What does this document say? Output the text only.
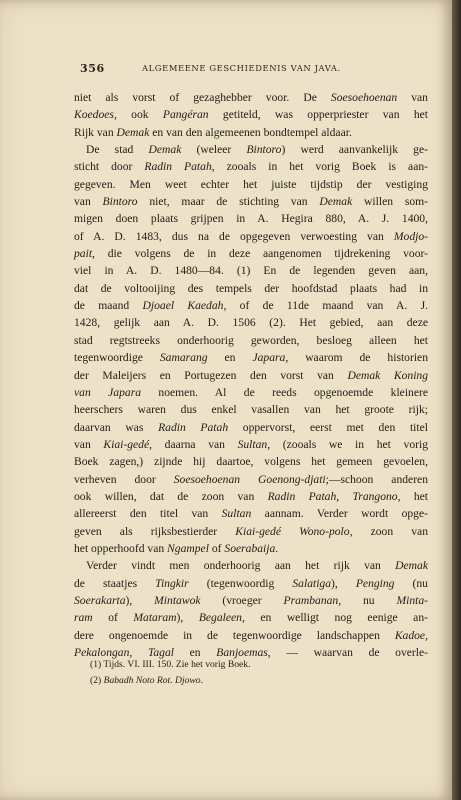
356	ALGEMEENE GESCHIEDENIS VAN JAVA.

niet als vorst of gezaghebber voor. De Soesoehoenan van

Koedoes, ook Pangéran getiteld, was opperpriester van het

Rijk van Demak en van den algemeenen bondtempel aldaar.

De stad Demak (weleer Bintoro) werd aanvankelijk ge-

sticht door Radin Patah, zooals in het vorig Boek is aan-

gegeven. Men weet echter het juiste tijdstip der vestiging

van Bintoro niet, maar de stichting van Demak willen som-

migen doen plaats grijpen in A. Hegira 880, A. J. 1400,

of A. D. 1483, dus na de opgegeven verwoesting van Modjo-

pait, die volgens de in deze aangenomen tijdrekening voor-

viel in A. D. 1480—84. (1) En de legenden geven aan,

dat de voltooijing des tempels der hoofdstad plaats had in

de maand Djoael Kaedah, of de 11de maand van A. J.

1428, gelijk aan A. D. 1506 (2). Het gebied, aan deze

stad regtstreeks onderhoorig geworden, besloeg alleen het

tegenwoordige Samarang en Japara, waarom de historien

der Maleijers en Portugezen den vorst van Demak Koning

van Japara noemen. Al de reeds opgenoemde kleinere

heerschers waren dus enkel vasallen van het groote rijk;

daarvan was Radin Patah oppervorst, eerst met den titel

van Kiai-gedé, daarna van Sultan, (zooals we in het vorig

Boek zagen,) zijnde hij daartoe, volgens het gemeen gevoelen,

verheven door Soesoehoenan Goenong-djati;—schoon anderen

ook willen, dat de zoon van Radin Patah, Trangono, het

allereerst den titel van Sultan aannam. Verder wordt opge-

geven als rijksbestierder Kiai-gedé Wono-polo, zoon van

het opperhoofd van Ngampel of Soerabaija.

Verder vindt men onderhoorig aan het rijk van Demak

de staatjes Tingkir (tegenwoordig Salatiga), Penging (nu

Soerakarta), Mintawok (vroeger Prambanan, nu Minta-

ram of Mataram), Begaleen, en welligt nog eenige an-

dere ongenoemde in de tegenwoordige landschappen Kadoe,

Pekalongan, Tagal en Banjoemas, — waarvan de overle-

(1) Tijds. VI. III. 150. Zie het vorig Boek.

(2) Babadh Noto Rot. Djowo.
